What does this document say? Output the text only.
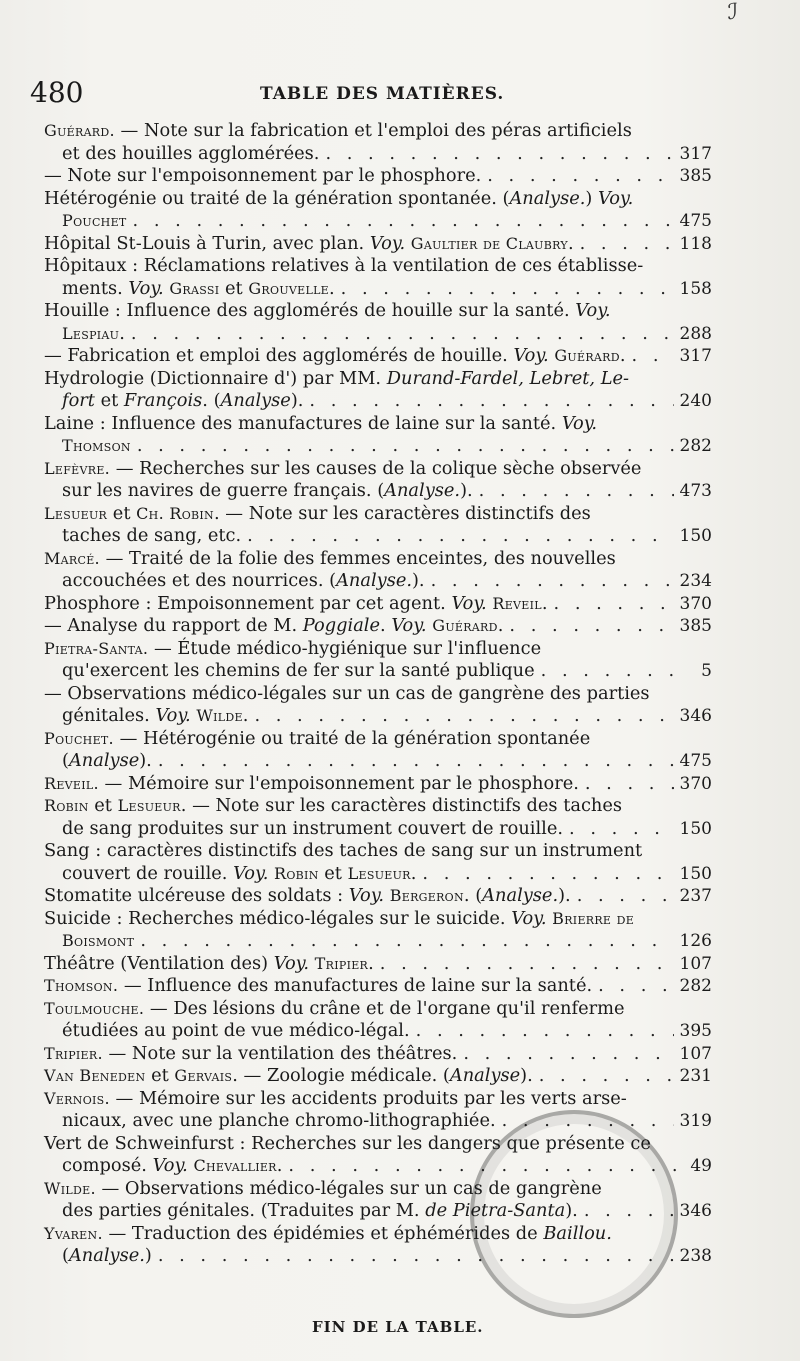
ℐ
480	TABLE DES MATIÈRES.
Guérard. — Note sur la fabrication et l'emploi des péras artificiels
et des houilles agglomérées. . . .	317
— Note sur l'empoisonnement par le phosphore. . . .	385
Hétérogénie ou traité de la génération spontanée. (Analyse.) Voy.
Pouchet . . .	475
Hôpital St-Louis à Turin, avec plan. Voy. Gaultier de Claubry. . . .	118
Hôpitaux : Réclamations relatives à la ventilation de ces établisse-
ments. Voy. Grassi et Grouvelle. . . .	158
Houille : Influence des agglomérés de houille sur la santé. Voy.
Lespiau. . . .	288
— Fabrication et emploi des agglomérés de houille. Voy. Guérard. . . .	317
Hydrologie (Dictionnaire d') par MM. Durand-Fardel, Lebret, Le-
fort et François. (Analyse). . . .	240
Laine : Influence des manufactures de laine sur la santé. Voy.
Thomson . . .	282
Lefèvre. — Recherches sur les causes de la colique sèche observée
sur les navires de guerre français. (Analyse.). . . .	473
Lesueur et Ch. Robin. — Note sur les caractères distinctifs des
taches de sang, etc. . . .	150
Marcé. — Traité de la folie des femmes enceintes, des nouvelles
accouchées et des nourrices. (Analyse.). . . .	234
Phosphore : Empoisonnement par cet agent. Voy. Reveil. . . .	370
— Analyse du rapport de M. Poggiale. Voy. Guérard. . . .	385
Pietra-Santa. — Étude médico-hygiénique sur l'influence
qu'exercent les chemins de fer sur la santé publique . . .	5
— Observations médico-légales sur un cas de gangrène des parties
génitales. Voy. Wilde. . . .	346
Pouchet. — Hétérogénie ou traité de la génération spontanée
(Analyse). . . .	475
Reveil. — Mémoire sur l'empoisonnement par le phosphore. . . .	370
Robin et Lesueur. — Note sur les caractères distinctifs des taches
de sang produites sur un instrument couvert de rouille. . . .	150
Sang : caractères distinctifs des taches de sang sur un instrument
couvert de rouille. Voy. Robin et Lesueur. . . .	150
Stomatite ulcéreuse des soldats : Voy. Bergeron. (Analyse.). . . .	237
Suicide : Recherches médico-légales sur le suicide. Voy. Brierre de
Boismont . . .	126
Théâtre (Ventilation des) Voy. Tripier. . . .	107
Thomson. — Influence des manufactures de laine sur la santé. . . .	282
Toulmouche. — Des lésions du crâne et de l'organe qu'il renferme
étudiées au point de vue médico-légal. . . .	395
Tripier. — Note sur la ventilation des théâtres. . . .	107
Van Beneden et Gervais. — Zoologie médicale. (Analyse). . . .	231
Vernois. — Mémoire sur les accidents produits par les verts arse-
nicaux, avec une planche chromo-lithographiée. . . .	319
Vert de Schweinfurst : Recherches sur les dangers que présente ce
composé. Voy. Chevallier. . . .	49
Wilde. — Observations médico-légales sur un cas de gangrène
des parties génitales. (Traduites par M. de Pietra-Santa). . . .	346
Yvaren. — Traduction des épidémies et éphémérides de Baillou.
(Analyse.) . . .	238
FIN DE LA TABLE.
